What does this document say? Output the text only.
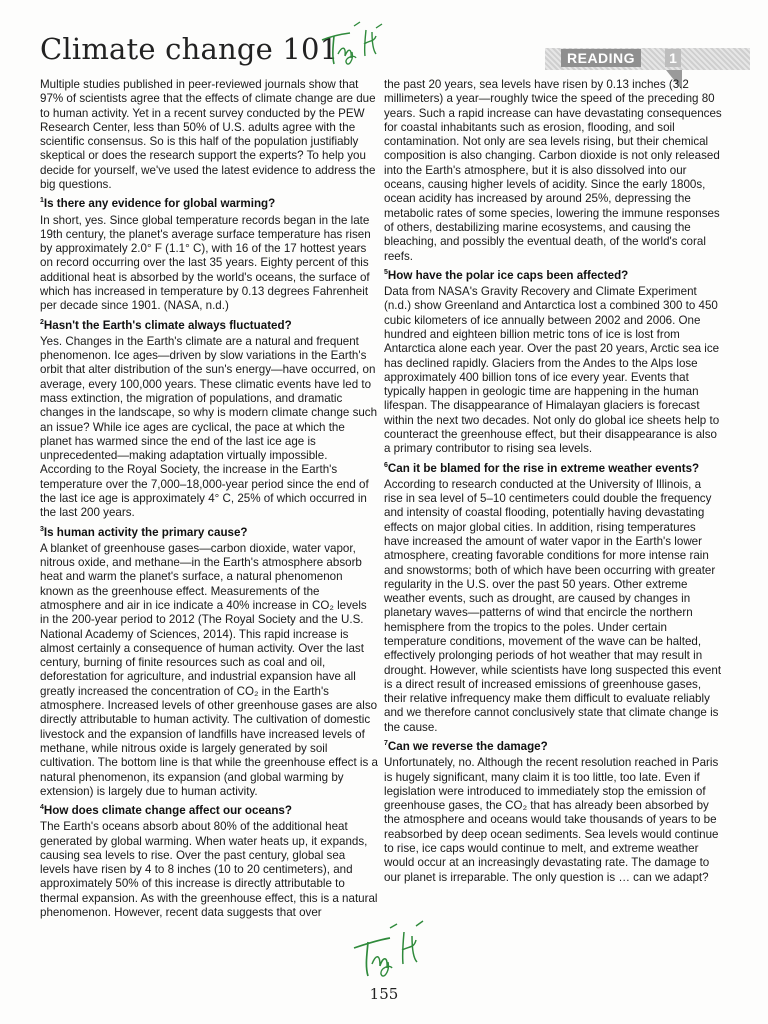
Climate change 101	READING	1

Multiple studies published in peer-reviewed journals show that 97% of scientists agree that the effects of climate change are due to human activity. Yet in a recent survey conducted by the PEW Research Center, less than 50% of U.S. adults agree with the scientific consensus. So is this half of the population justifiably skeptical or does the research support the experts? To help you decide for yourself, we've used the latest evidence to address the big questions.

$^1$Is there any evidence for global warming?

In short, yes. Since global temperature records began in the late 19th century, the planet's average surface temperature has risen by approximately 2.0° F (1.1° C), with 16 of the 17 hottest years on record occurring over the last 35 years. Eighty percent of this additional heat is absorbed by the world's oceans, the surface of which has increased in temperature by 0.13 degrees Fahrenheit per decade since 1901. (NASA, n.d.)

$^2$Hasn't the Earth's climate always fluctuated?

Yes. Changes in the Earth's climate are a natural and frequent phenomenon. Ice ages—driven by slow variations in the Earth's orbit that alter distribution of the sun's energy—have occurred, on average, every 100,000 years. These climatic events have led to mass extinction, the migration of populations, and dramatic changes in the landscape, so why is modern climate change such an issue? While ice ages are cyclical, the pace at which the planet has warmed since the end of the last ice age is unprecedented—making adaptation virtually impossible. According to the Royal Society, the increase in the Earth's temperature over the 7,000–18,000-year period since the end of the last ice age is approximately 4° C, 25% of which occurred in the last 200 years.

$^3$Is human activity the primary cause?

A blanket of greenhouse gases—carbon dioxide, water vapor, nitrous oxide, and methane—in the Earth's atmosphere absorb heat and warm the planet's surface, a natural phenomenon known as the greenhouse effect. Measurements of the atmosphere and air in ice indicate a 40% increase in CO₂ levels in the 200-year period to 2012 (The Royal Society and the U.S. National Academy of Sciences, 2014). This rapid increase is almost certainly a consequence of human activity. Over the last century, burning of finite resources such as coal and oil, deforestation for agriculture, and industrial expansion have all greatly increased the concentration of CO₂ in the Earth's atmosphere. Increased levels of other greenhouse gases are also directly attributable to human activity. The cultivation of domestic livestock and the expansion of landfills have increased levels of methane, while nitrous oxide is largely generated by soil cultivation. The bottom line is that while the greenhouse effect is a natural phenomenon, its expansion (and global warming by extension) is largely due to human activity.

$^4$How does climate change affect our oceans?

The Earth's oceans absorb about 80% of the additional heat generated by global warming. When water heats up, it expands, causing sea levels to rise. Over the past century, global sea levels have risen by 4 to 8 inches (10 to 20 centimeters), and approximately 50% of this increase is directly attributable to thermal expansion. As with the greenhouse effect, this is a natural phenomenon. However, recent data suggests that over

the past 20 years, sea levels have risen by 0.13 inches (3.2 millimeters) a year—roughly twice the speed of the preceding 80 years. Such a rapid increase can have devastating consequences for coastal inhabitants such as erosion, flooding, and soil contamination. Not only are sea levels rising, but their chemical composition is also changing. Carbon dioxide is not only released into the Earth's atmosphere, but it is also dissolved into our oceans, causing higher levels of acidity. Since the early 1800s, ocean acidity has increased by around 25%, depressing the metabolic rates of some species, lowering the immune responses of others, destabilizing marine ecosystems, and causing the bleaching, and possibly the eventual death, of the world's coral reefs.

$^5$How have the polar ice caps been affected?

Data from NASA's Gravity Recovery and Climate Experiment (n.d.) show Greenland and Antarctica lost a combined 300 to 450 cubic kilometers of ice annually between 2002 and 2006. One hundred and eighteen billion metric tons of ice is lost from Antarctica alone each year. Over the past 20 years, Arctic sea ice has declined rapidly. Glaciers from the Andes to the Alps lose approximately 400 billion tons of ice every year. Events that typically happen in geologic time are happening in the human lifespan. The disappearance of Himalayan glaciers is forecast within the next two decades. Not only do global ice sheets help to counteract the greenhouse effect, but their disappearance is also a primary contributor to rising sea levels.

$^6$Can it be blamed for the rise in extreme weather events?

According to research conducted at the University of Illinois, a rise in sea level of 5–10 centimeters could double the frequency and intensity of coastal flooding, potentially having devastating effects on major global cities. In addition, rising temperatures have increased the amount of water vapor in the Earth's lower atmosphere, creating favorable conditions for more intense rain and snowstorms; both of which have been occurring with greater regularity in the U.S. over the past 50 years. Other extreme weather events, such as drought, are caused by changes in planetary waves—patterns of wind that encircle the northern hemisphere from the tropics to the poles. Under certain temperature conditions, movement of the wave can be halted, effectively prolonging periods of hot weather that may result in drought. However, while scientists have long suspected this event is a direct result of increased emissions of greenhouse gases, their relative infrequency make them difficult to evaluate reliably and we therefore cannot conclusively state that climate change is the cause.

$^7$Can we reverse the damage?

Unfortunately, no. Although the recent resolution reached in Paris is hugely significant, many claim it is too little, too late. Even if legislation were introduced to immediately stop the emission of greenhouse gases, the CO₂ that has already been absorbed by the atmosphere and oceans would take thousands of years to be reabsorbed by deep ocean sediments. Sea levels would continue to rise, ice caps would continue to melt, and extreme weather would occur at an increasingly devastating rate. The damage to our planet is irreparable. The only question is … can we adapt?

155
